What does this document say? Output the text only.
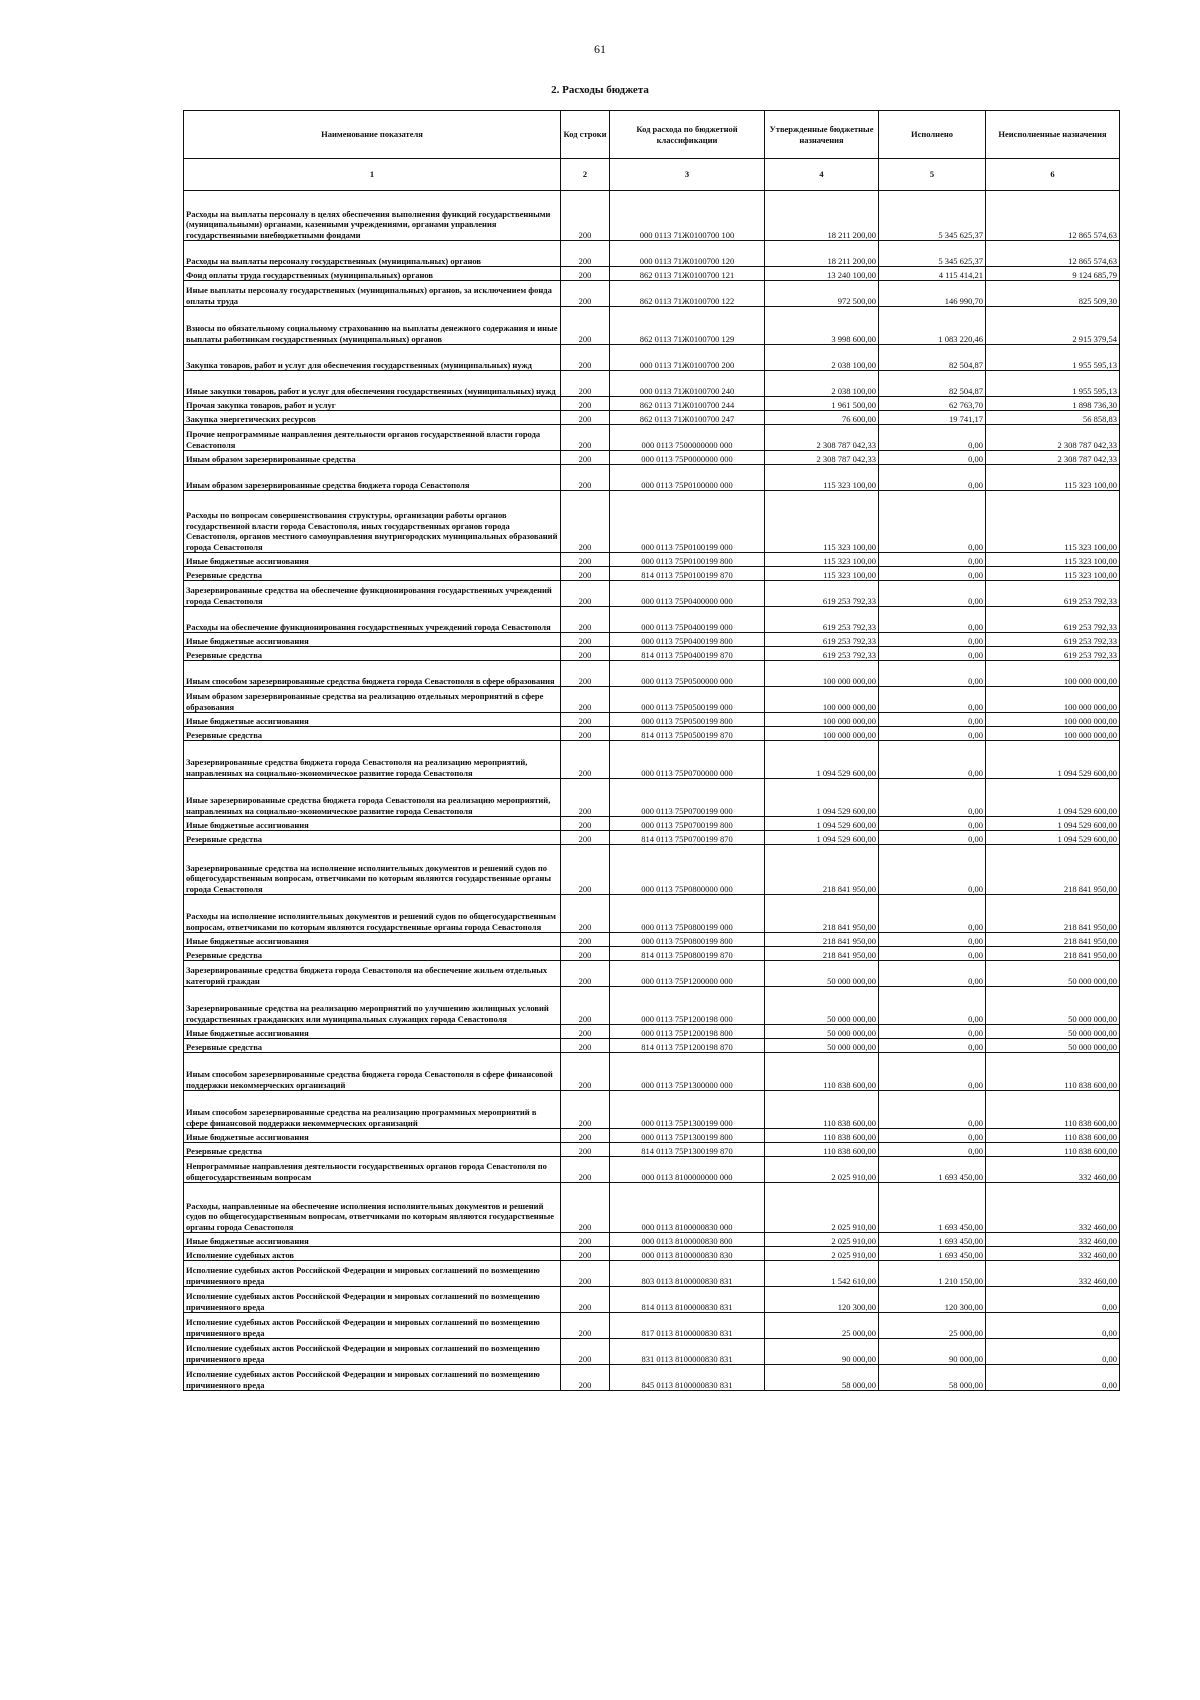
61
2. Расходы бюджета
Наименование показателя	Код строки	Код расхода по бюджетной классификации	Утвержденные бюджетные назначения	Исполнено	Неисполненные назначения
1	2	3	4	5	6
Расходы на выплаты персоналу в целях обеспечения выполнения функций государственными (муниципальными) органами, казенными учреждениями, органами управления государственными внебюджетными фондами	200	000 0113 71Ж0100700 100	18 211 200,00	5 345 625,37	12 865 574,63
Расходы на выплаты персоналу государственных (муниципальных) органов	200	000 0113 71Ж0100700 120	18 211 200,00	5 345 625,37	12 865 574,63
Фонд оплаты труда государственных (муниципальных) органов	200	862 0113 71Ж0100700 121	13 240 100,00	4 115 414,21	9 124 685,79
Иные выплаты персоналу государственных (муниципальных) органов, за исключением фонда оплаты труда	200	862 0113 71Ж0100700 122	972 500,00	146 990,70	825 509,30
Взносы по обязательному социальному страхованию на выплаты денежного содержания и иные выплаты работникам государственных (муниципальных) органов	200	862 0113 71Ж0100700 129	3 998 600,00	1 083 220,46	2 915 379,54
Закупка товаров, работ и услуг для обеспечения государственных (муниципальных) нужд	200	000 0113 71Ж0100700 200	2 038 100,00	82 504,87	1 955 595,13
Иные закупки товаров, работ и услуг для обеспечения государственных (муниципальных) нужд	200	000 0113 71Ж0100700 240	2 038 100,00	82 504,87	1 955 595,13
Прочая закупка товаров, работ и услуг	200	862 0113 71Ж0100700 244	1 961 500,00	62 763,70	1 898 736,30
Закупка энергетических ресурсов	200	862 0113 71Ж0100700 247	76 600,00	19 741,17	56 858,83
Прочие непрограммные направления деятельности органов государственной власти города Севастополя	200	000 0113 7500000000 000	2 308 787 042,33	0,00	2 308 787 042,33
Иным образом зарезервированные средства	200	000 0113 75Р0000000 000	2 308 787 042,33	0,00	2 308 787 042,33
Иным образом зарезервированные средства бюджета города Севастополя	200	000 0113 75Р0100000 000	115 323 100,00	0,00	115 323 100,00
Расходы по вопросам совершенствования структуры, организации работы органов государственной власти города Севастополя, иных государственных органов города Севастополя, органов местного самоуправления внутригородских муниципальных образований города Севастополя	200	000 0113 75Р0100199 000	115 323 100,00	0,00	115 323 100,00
Иные бюджетные ассигнования	200	000 0113 75Р0100199 800	115 323 100,00	0,00	115 323 100,00
Резервные средства	200	814 0113 75Р0100199 870	115 323 100,00	0,00	115 323 100,00
Зарезервированные средства на обеспечение функционирования государственных учреждений города Севастополя	200	000 0113 75Р0400000 000	619 253 792,33	0,00	619 253 792,33
Расходы на обеспечение функционирования государственных учреждений города Севастополя	200	000 0113 75Р0400199 000	619 253 792,33	0,00	619 253 792,33
Иные бюджетные ассигнования	200	000 0113 75Р0400199 800	619 253 792,33	0,00	619 253 792,33
Резервные средства	200	814 0113 75Р0400199 870	619 253 792,33	0,00	619 253 792,33
Иным способом зарезервированные средства бюджета города Севастополя в сфере образования	200	000 0113 75Р0500000 000	100 000 000,00	0,00	100 000 000,00
Иным образом зарезервированные средства на реализацию отдельных мероприятий в сфере образования	200	000 0113 75Р0500199 000	100 000 000,00	0,00	100 000 000,00
Иные бюджетные ассигнования	200	000 0113 75Р0500199 800	100 000 000,00	0,00	100 000 000,00
Резервные средства	200	814 0113 75Р0500199 870	100 000 000,00	0,00	100 000 000,00
Зарезервированные средства бюджета города Севастополя на реализацию мероприятий, направленных на социально-экономическое развитие города Севастополя	200	000 0113 75Р0700000 000	1 094 529 600,00	0,00	1 094 529 600,00
Иные зарезервированные средства бюджета города Севастополя на реализацию мероприятий, направленных на социально-экономическое развитие города Севастополя	200	000 0113 75Р0700199 000	1 094 529 600,00	0,00	1 094 529 600,00
Иные бюджетные ассигнования	200	000 0113 75Р0700199 800	1 094 529 600,00	0,00	1 094 529 600,00
Резервные средства	200	814 0113 75Р0700199 870	1 094 529 600,00	0,00	1 094 529 600,00
Зарезервированные средства на исполнение исполнительных документов и решений судов по общегосударственным вопросам, ответчиками по которым являются государственные органы города Севастополя	200	000 0113 75Р0800000 000	218 841 950,00	0,00	218 841 950,00
Расходы на исполнение исполнительных документов и решений судов по общегосударственным вопросам, ответчиками по которым являются государственные органы города Севастополя	200	000 0113 75Р0800199 000	218 841 950,00	0,00	218 841 950,00
Иные бюджетные ассигнования	200	000 0113 75Р0800199 800	218 841 950,00	0,00	218 841 950,00
Резервные средства	200	814 0113 75Р0800199 870	218 841 950,00	0,00	218 841 950,00
Зарезервированные средства бюджета города Севастополя на обеспечение жильем отдельных категорий граждан	200	000 0113 75Р1200000 000	50 000 000,00	0,00	50 000 000,00
Зарезервированные средства на реализацию мероприятий по улучшению жилищных условий государственных гражданских или муниципальных служащих города Севастополя	200	000 0113 75Р1200198 000	50 000 000,00	0,00	50 000 000,00
Иные бюджетные ассигнования	200	000 0113 75Р1200198 800	50 000 000,00	0,00	50 000 000,00
Резервные средства	200	814 0113 75Р1200198 870	50 000 000,00	0,00	50 000 000,00
Иным способом зарезервированные средства бюджета города Севастополя в сфере финансовой поддержки некоммерческих организаций	200	000 0113 75Р1300000 000	110 838 600,00	0,00	110 838 600,00
Иным способом зарезервированные средства на реализацию программных мероприятий в сфере финансовой поддержки некоммерческих организаций	200	000 0113 75Р1300199 000	110 838 600,00	0,00	110 838 600,00
Иные бюджетные ассигнования	200	000 0113 75Р1300199 800	110 838 600,00	0,00	110 838 600,00
Резервные средства	200	814 0113 75Р1300199 870	110 838 600,00	0,00	110 838 600,00
Непрограммные направления деятельности государственных органов города Севастополя по общегосударственным вопросам	200	000 0113 8100000000 000	2 025 910,00	1 693 450,00	332 460,00
Расходы, направленные на обеспечение исполнения исполнительных документов и решений судов по общегосударственным вопросам, ответчиками по которым являются государственные органы города Севастополя	200	000 0113 8100000830 000	2 025 910,00	1 693 450,00	332 460,00
Иные бюджетные ассигнования	200	000 0113 8100000830 800	2 025 910,00	1 693 450,00	332 460,00
Исполнение судебных актов	200	000 0113 8100000830 830	2 025 910,00	1 693 450,00	332 460,00
Исполнение судебных актов Российской Федерации и мировых соглашений по возмещению причиненного вреда	200	803 0113 8100000830 831	1 542 610,00	1 210 150,00	332 460,00
Исполнение судебных актов Российской Федерации и мировых соглашений по возмещению причиненного вреда	200	814 0113 8100000830 831	120 300,00	120 300,00	0,00
Исполнение судебных актов Российской Федерации и мировых соглашений по возмещению причиненного вреда	200	817 0113 8100000830 831	25 000,00	25 000,00	0,00
Исполнение судебных актов Российской Федерации и мировых соглашений по возмещению причиненного вреда	200	831 0113 8100000830 831	90 000,00	90 000,00	0,00
Исполнение судебных актов Российской Федерации и мировых соглашений по возмещению причиненного вреда	200	845 0113 8100000830 831	58 000,00	58 000,00	0,00
